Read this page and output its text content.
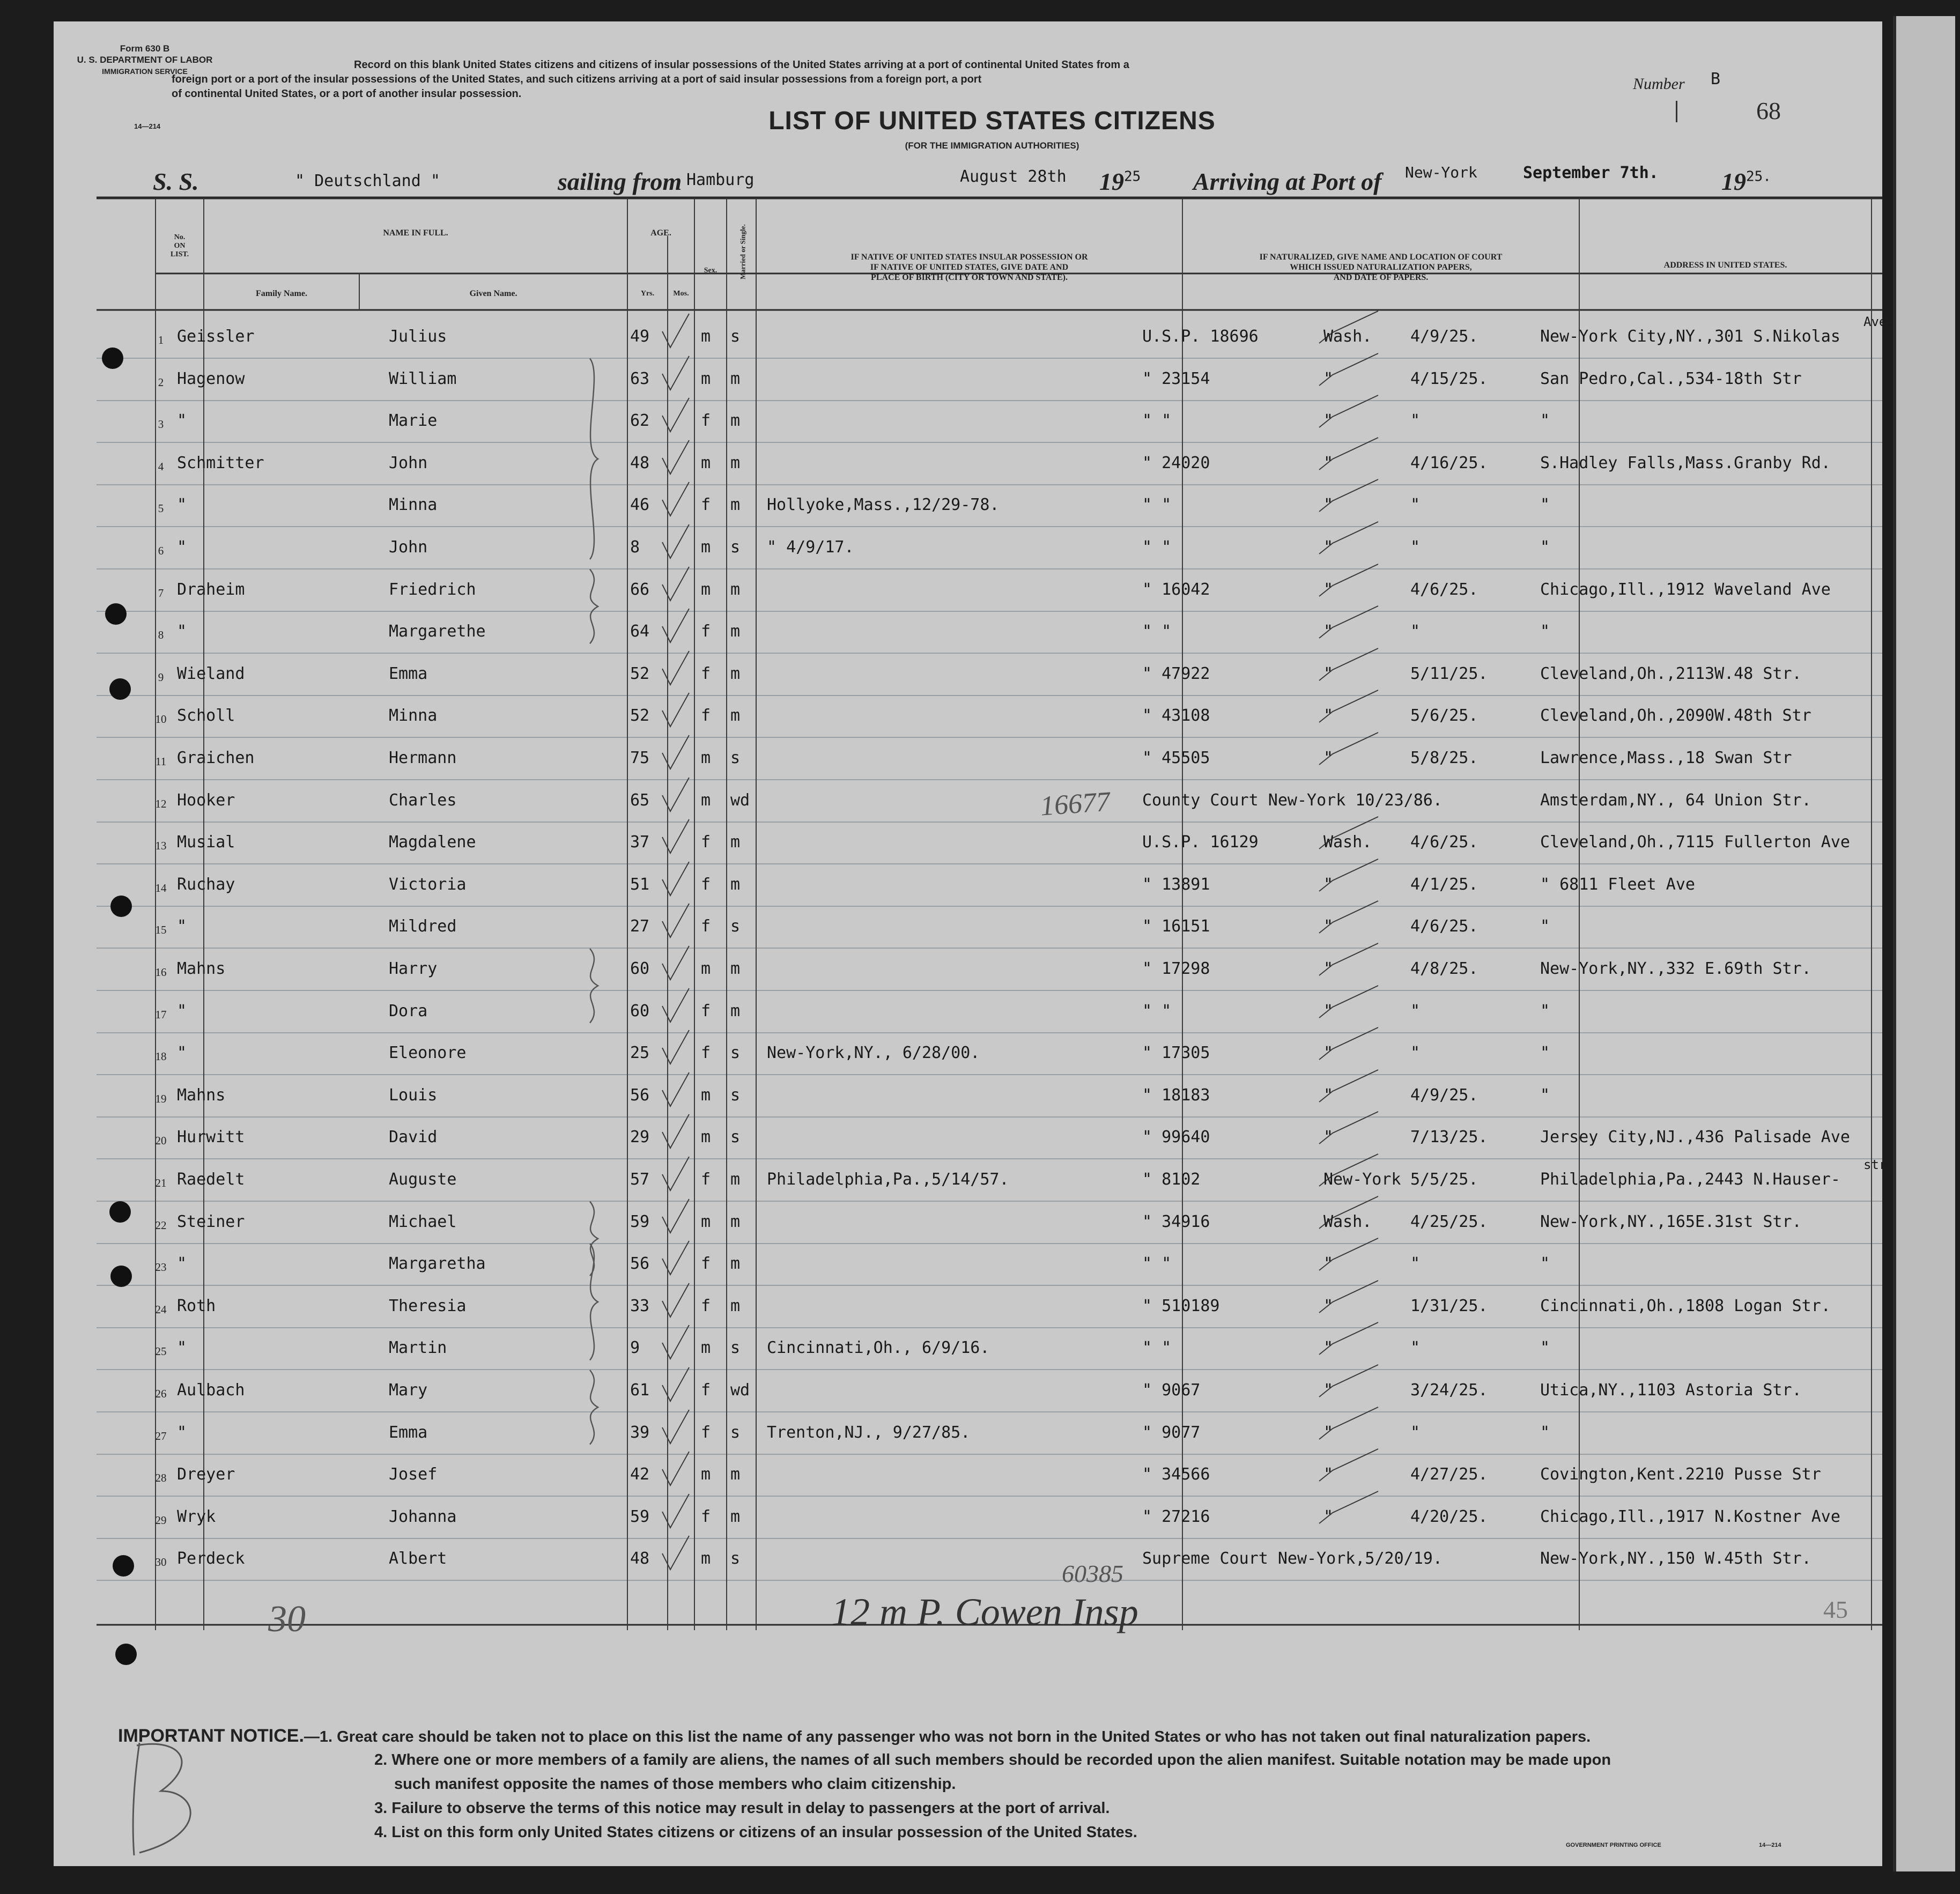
Form 630 B
U. S. DEPARTMENT OF LABOR
IMMIGRATION SERVICE
14—214
Record on this blank United States citizens and citizens of insular possessions of the United States arriving at a port of continental United States from a
foreign port or a port of the insular possessions of the United States, and such citizens arriving at a port of said insular possessions from a foreign port, a port
of continental United States, or a port of another insular possession.
LIST OF UNITED STATES CITIZENS
(FOR THE IMMIGRATION AUTHORITIES)
Number B
68
S. S.	" Deutschland "	sailing from Hamburg	August 28th $19^{25}$ Arriving at Port of New-York	September 7th.	$19^{25.}$
No.
ON
LIST.
NAME IN FULL.
Family Name.	Given Name.
AGE.
Yrs.	Mos.
Sex.	Married or Single.	IF NATIVE OF UNITED STATES INSULAR POSSESSION OR
IF NATIVE OF UNITED STATES, GIVE DATE AND
PLACE OF BIRTH (CITY OR TOWN AND STATE).
IF NATURALIZED, GIVE NAME AND LOCATION OF COURT
WHICH ISSUED NATURALIZATION PAPERS,
AND DATE OF PAPERS.
ADDRESS IN UNITED STATES.
1 Geissler	Julius	49	m s	U.S.P. 18696	Wash. 4/9/25.	New-York City,NY.,301 S.Nikolas
Ave.
2 Hagenow	William	63	m m	" 23154	"	4/15/25.	San Pedro,Cal.,534-18th Str
3 "	Marie	62	f m	" "	"	"	"
4 Schmitter	John	48	m m	" 24020	"	4/16/25.	S.Hadley Falls,Mass.Granby Rd.
5 "	Minna	46	f m Hollyoke,Mass.,12/29-78.	" "	"	"	"
6 "	John	8	m s " 4/9/17.	" "	"	"	"
7 Draheim	Friedrich	66	m m	" 16042	"	4/6/25.	Chicago,Ill.,1912 Waveland Ave
8 "	Margarethe	64	f m	" "	"	"	"
9 Wieland	Emma	52	f m	" 47922	"	5/11/25.	Cleveland,Oh.,2113W.48 Str.
10 Scholl	Minna	52	f m	" 43108	"	5/6/25.	Cleveland,Oh.,2090W.48th Str
11 Graichen	Hermann	75	m s	" 45505	"	5/8/25.	Lawrence,Mass.,18 Swan Str
12 Hooker	Charles	65	m wd	County Court New-York 10/23/86.	Amsterdam,NY., 64 Union Str.
13 Musial	Magdalene	37	f m	U.S.P. 16129	Wash. 4/6/25.	Cleveland,Oh.,7115 Fullerton Ave
14 Ruchay	Victoria	51	f m	" 13891	"	4/1/25.	" 6811 Fleet Ave
15 "	Mildred	27	f s	" 16151	"	4/6/25.	"
16 Mahns	Harry	60	m m	" 17298	"	4/8/25.	New-York,NY.,332 E.69th Str.
17 "	Dora	60	f m	" "	"	"	"
18 "	Eleonore	25	f s New-York,NY., 6/28/00.	" 17305	"	"	"
19 Mahns	Louis	56	m s	" 18183	"	4/9/25.	"
20 Hurwitt	David	29	m s	" 99640	"	7/13/25.	Jersey City,NJ.,436 Palisade Ave
21 Raedelt	Auguste	57	f m Philadelphia,Pa.,5/14/57.	" 8102	New-York 5/5/25.	Philadelphia,Pa.,2443 N.Hauser-
str
22 Steiner	Michael	59	m m	" 34916	Wash. 4/25/25.	New-York,NY.,165E.31st Str.
23 "	Margaretha	56	f m	" "	"	"	"
24 Roth	Theresia	33	f m	" 510189	"	1/31/25.	Cincinnati,Oh.,1808 Logan Str.
25 "	Martin	9	m s Cincinnati,Oh., 6/9/16.	" "	"	"	"
26 Aulbach	Mary	61	f wd	" 9067	"	3/24/25.	Utica,NY.,1103 Astoria Str.
27 "	Emma	39	f s Trenton,NJ., 9/27/85.	" 9077	"	"	"
28 Dreyer	Josef	42	m m	" 34566	"	4/27/25.	Covington,Kent.2210 Pusse Str
29 Wryk	Johanna	59	f m	" 27216	"	4/20/25.	Chicago,Ill.,1917 N.Kostner Ave
30 Perdeck	Albert	48	m s	Supreme Court New-York,5/20/19.	New-York,NY.,150 W.45th Str.
16677
60385
12 m P. Cowen Insp
30	45
IMPORTANT NOTICE.—1. Great care should be taken not to place on this list the name of any passenger who was not born in the United States or who has not taken out final naturalization papers.
2. Where one or more members of a family are aliens, the names of all such members should be recorded upon the alien manifest. Suitable notation may be made upon
such manifest opposite the names of those members who claim citizenship.
3. Failure to observe the terms of this notice may result in delay to passengers at the port of arrival.
4. List on this form only United States citizens or citizens of an insular possession of the United States.
GOVERNMENT PRINTING OFFICE	14—214
